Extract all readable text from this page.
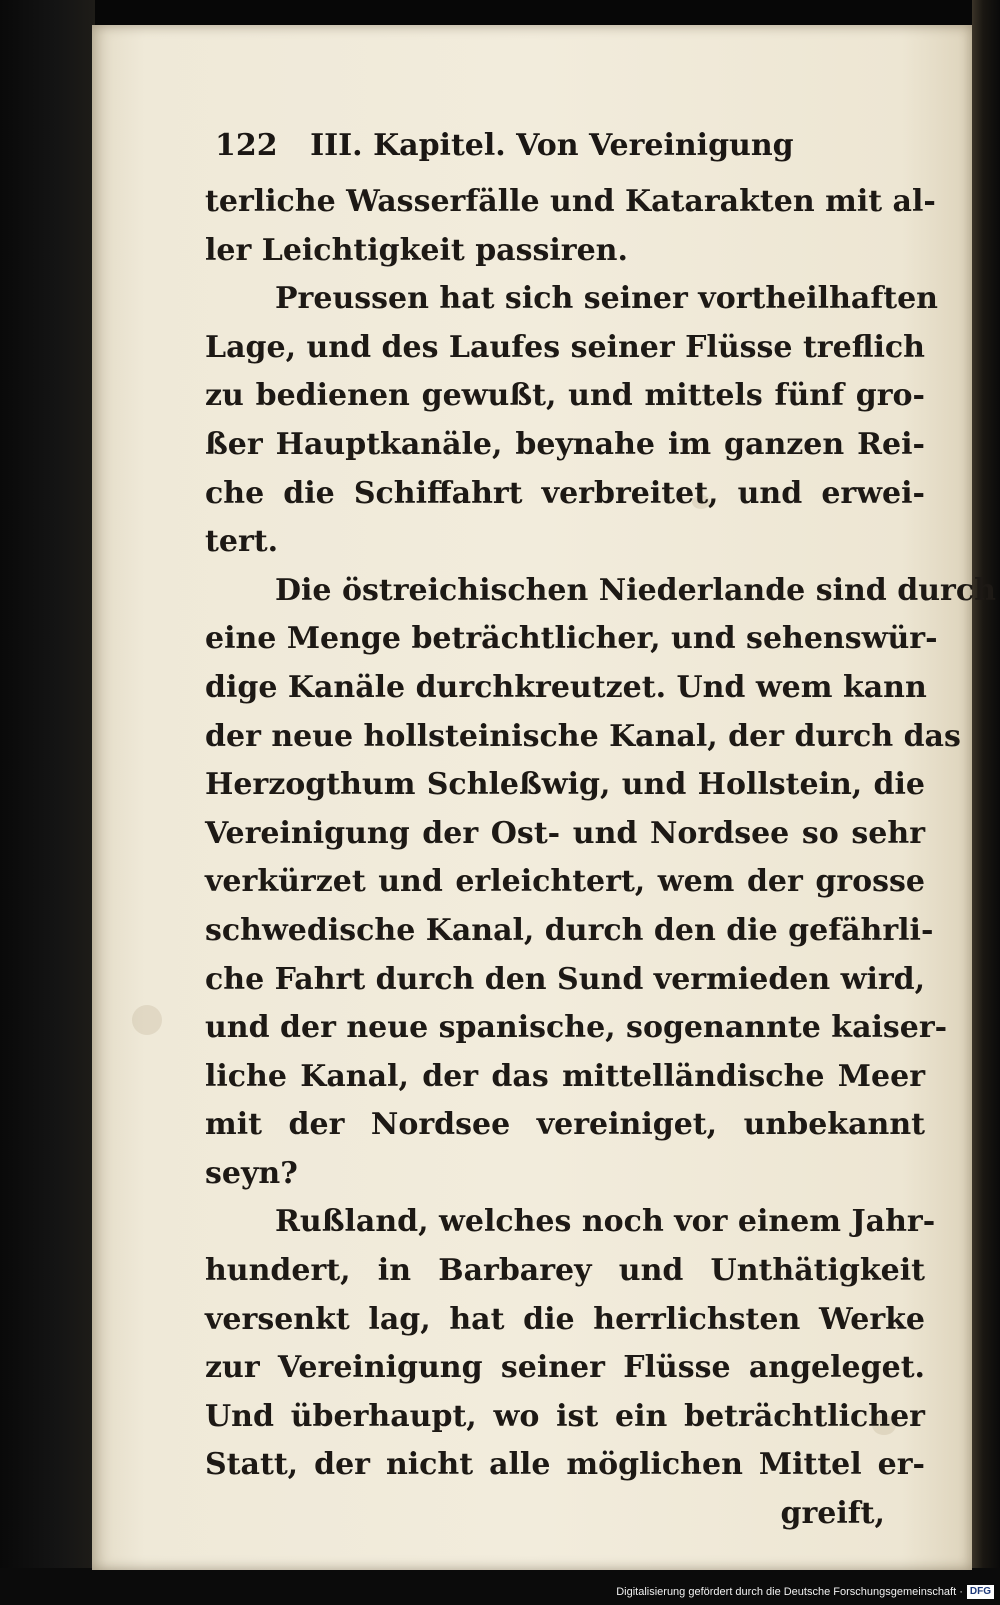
122 III. Kapitel. Von Vereinigung
terliche Wasserfälle und Katarakten mit al-
ler Leichtigkeit passiren.
Preussen hat sich seiner vortheilhaften
Lage, und des Laufes seiner Flüsse treflich
zu bedienen gewußt, und mittels fünf gro-
ßer Hauptkanäle, beynahe im ganzen Rei-
che die Schiffahrt verbreitet, und erwei-
tert.
Die östreichischen Niederlande sind durch
eine Menge beträchtlicher, und sehenswür-
dige Kanäle durchkreutzet. Und wem kann
der neue hollsteinische Kanal, der durch das
Herzogthum Schleßwig, und Hollstein, die
Vereinigung der Ost- und Nordsee so sehr
verkürzet und erleichtert, wem der grosse
schwedische Kanal, durch den die gefährli-
che Fahrt durch den Sund vermieden wird,
und der neue spanische, sogenannte kaiser-
liche Kanal, der das mittelländische Meer
mit der Nordsee vereiniget, unbekannt
seyn?
Rußland, welches noch vor einem Jahr-
hundert, in Barbarey und Unthätigkeit
versenkt lag, hat die herrlichsten Werke
zur Vereinigung seiner Flüsse angeleget.
Und überhaupt, wo ist ein beträchtlicher
Statt, der nicht alle möglichen Mittel er-
greift,
Digitalisierung gefördert durch die Deutsche Forschungsgemeinschaft · DFG
